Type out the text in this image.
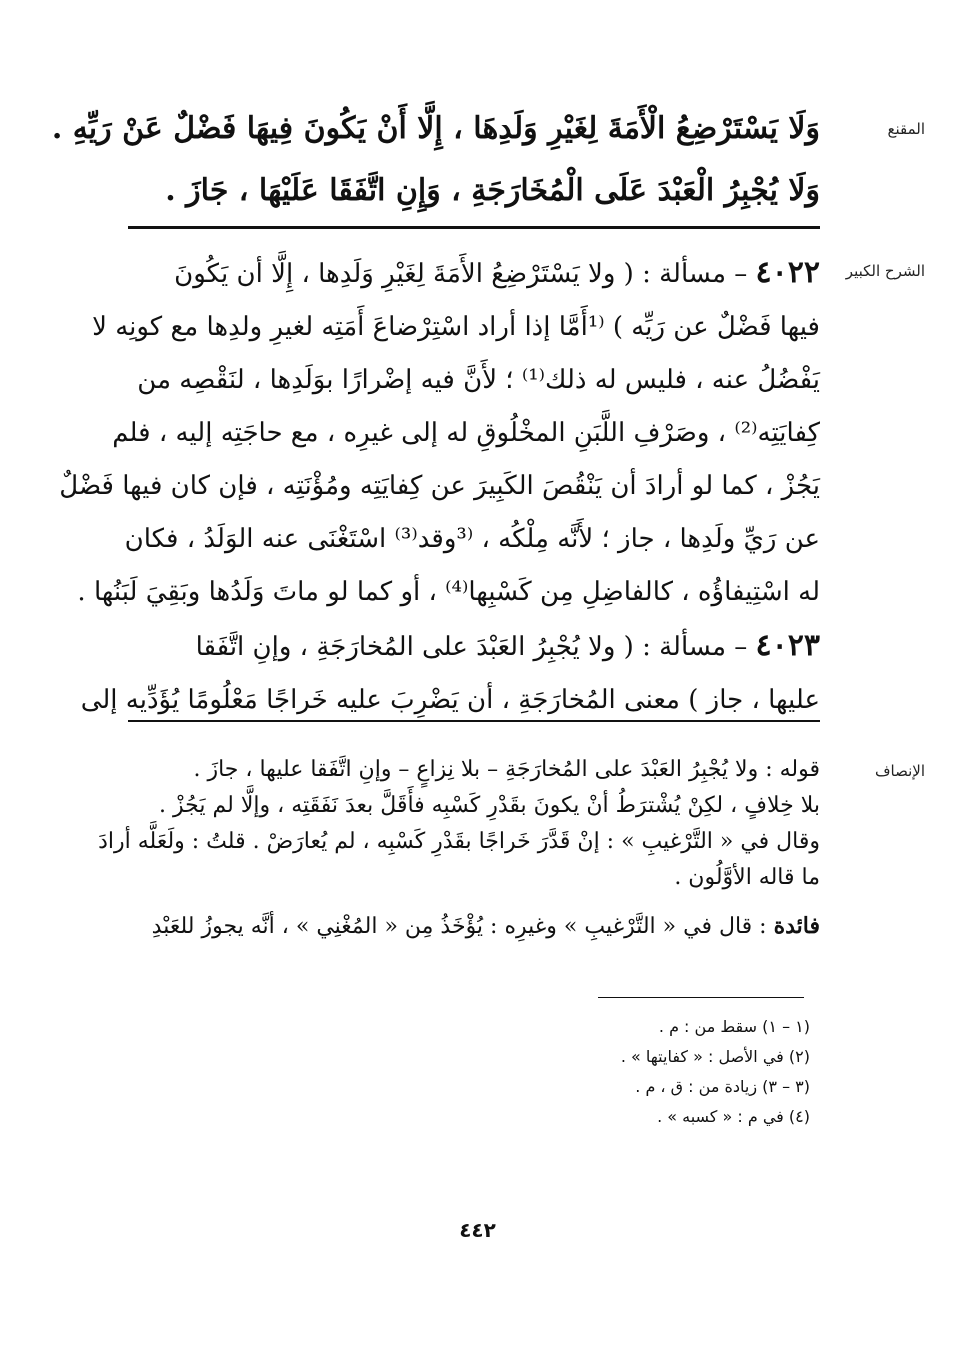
المقنع
وَلَا يَسْتَرْضِعُ الْأَمَةَ لِغَيْرِ وَلَدِهَا ، إِلَّا أَنْ يَكُونَ فِيهَا فَضْلٌ عَنْ رَيِّهِ .
وَلَا يُجْبِرُ الْعَبْدَ عَلَى الْمُخَارَجَةِ ، وَإِنِ اتَّفَقَا عَلَيْهَا ، جَازَ .
الشرح الكبير
٤٠٢٢ – مسألة : ( ولا يَسْتَرْضِعُ الأَمَةَ لِغَيْرِ وَلَدِها ، إِلَّا أن يَكُونَ
فيها فَضْلٌ عن رَيِّه ) ⁽¹أَمَّا إذا أراد اسْتِرْضاعَ أَمَتِه لغيرِ ولدِها مع كونِه لا
يَفْضُلُ عنه ، فليس له ذلك⁽¹⁾ ؛ لأَنَّ فيه إضْرارًا بوَلَدِها ، لنَقْصِه من
كِفايَتِه⁽²⁾ ، وصَرْفِ اللَّبَنِ المخْلُوقِ له إلى غيرِه ، مع حاجَتِه إليه ، فلم
يَجُزْ ، كما لو أرادَ أن يَنْقُصَ الكَبِيرَ عن كِفايَتِه ومُؤْنَتِه ، فإن كان فيها فَضْلٌ
عن رَيِّ ولَدِها ، جاز ؛ لأَنَّه مِلْكُه ، ⁽³وقد⁽³⁾ اسْتَغْنَى عنه الوَلَدُ ، فكان
له اسْتِيفاؤُه ، كالفاضِلِ مِن كَسْبِها⁽⁴⁾ ، أو كما لو ماتَ وَلَدُها وبَقِيَ لَبَنُها .
٤٠٢٣ – مسألة : ( ولا يُجْبِرُ العَبْدَ على المُخارَجَةِ ، وإنِ اتَّفَقا
عليها ، جاز ) معنى المُخارَجَةِ ، أن يَضْرِبَ عليه خَراجًا مَعْلُومًا يُؤَدِّيه إلى
الإنصاف
قوله : ولا يُجْبِرُ العَبْدَ على المُخارَجَةِ – بلا نِزاعٍ – وإنِ اتَّفَقا عليها ، جازَ .
بلا خِلافٍ ، لكِنْ يُشْترَطُ أنْ يكونَ بقَدْرِ كَسْبِه فأَقَلَّ بعدَ نَفَقَتِه ، وإلَّا لم يَجُزْ .
وقال في « التَّرْغيبِ » : إنْ قَدَّرَ خَراجًا بقَدْرِ كَسْبِه ، لم يُعارَضْ . قلتُ : ولَعَلَّه أرادَ
ما قاله الأوَّلُون .
فائدة : قال في « التَّرْغيبِ » وغيرِه : يُؤْخَذُ مِن « المُغْنِي » ، أنَّه يجوزُ للعَبْدِ
(١ – ١) سقط من : م .
(٢) في الأصل : « كفايتها » .
(٣ – ٣) زيادة من : ق ، م .
(٤) في م : « كسبه » .
٤٤٢
